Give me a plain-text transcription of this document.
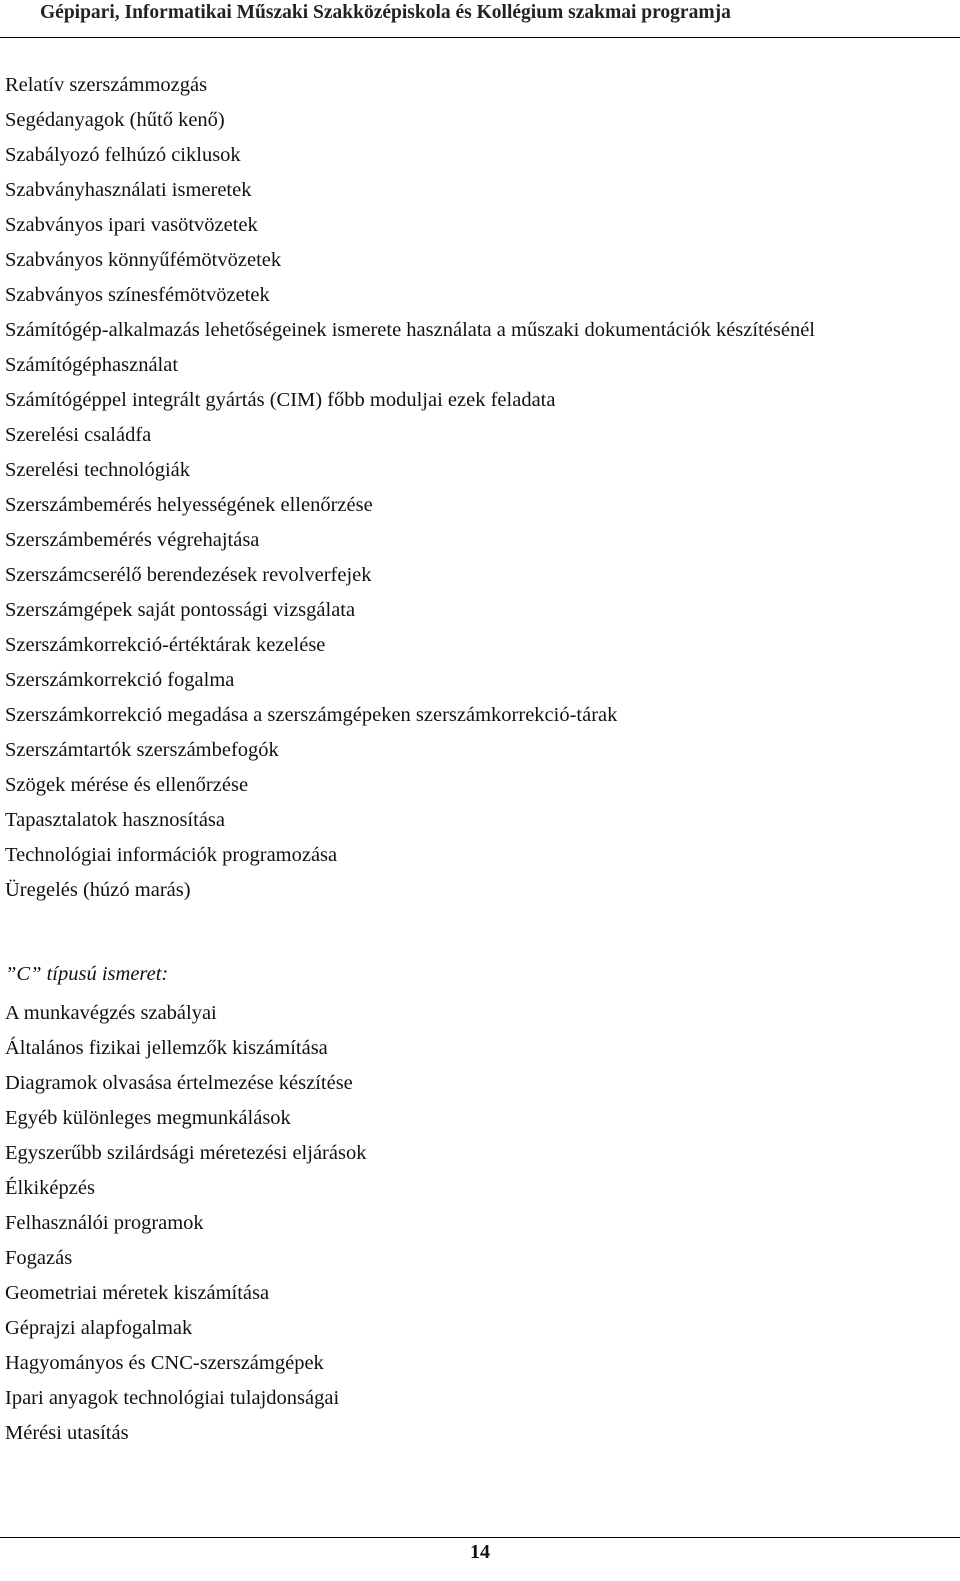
Gépipari, Informatikai Műszaki Szakközépiskola és Kollégium szakmai programja
Relatív szerszámmozgás
Segédanyagok (hűtő kenő)
Szabályozó felhúzó ciklusok
Szabványhasználati ismeretek
Szabványos ipari vasötvözetek
Szabványos könnyűfémötvözetek
Szabványos színesfémötvözetek
Számítógép-alkalmazás lehetőségeinek ismerete használata a műszaki dokumentációk készítésénél
Számítógéphasználat
Számítógéppel integrált gyártás (CIM) főbb moduljai ezek feladata
Szerelési családfa
Szerelési technológiák
Szerszámbemérés helyességének ellenőrzése
Szerszámbemérés végrehajtása
Szerszámcserélő berendezések revolverfejek
Szerszámgépek saját pontossági vizsgálata
Szerszámkorrekció-értéktárak kezelése
Szerszámkorrekció fogalma
Szerszámkorrekció megadása a szerszámgépeken szerszámkorrekció-tárak
Szerszámtartók szerszámbefogók
Szögek mérése és ellenőrzése
Tapasztalatok hasznosítása
Technológiai információk programozása
Üregelés (húzó marás)
”C” típusú ismeret:
A munkavégzés szabályai
Általános fizikai jellemzők kiszámítása
Diagramok olvasása értelmezése készítése
Egyéb különleges megmunkálások
Egyszerűbb szilárdsági méretezési eljárások
Élkiképzés
Felhasználói programok
Fogazás
Geometriai méretek kiszámítása
Géprajzi alapfogalmak
Hagyományos és CNC-szerszámgépek
Ipari anyagok technológiai tulajdonságai
Mérési utasítás
14
